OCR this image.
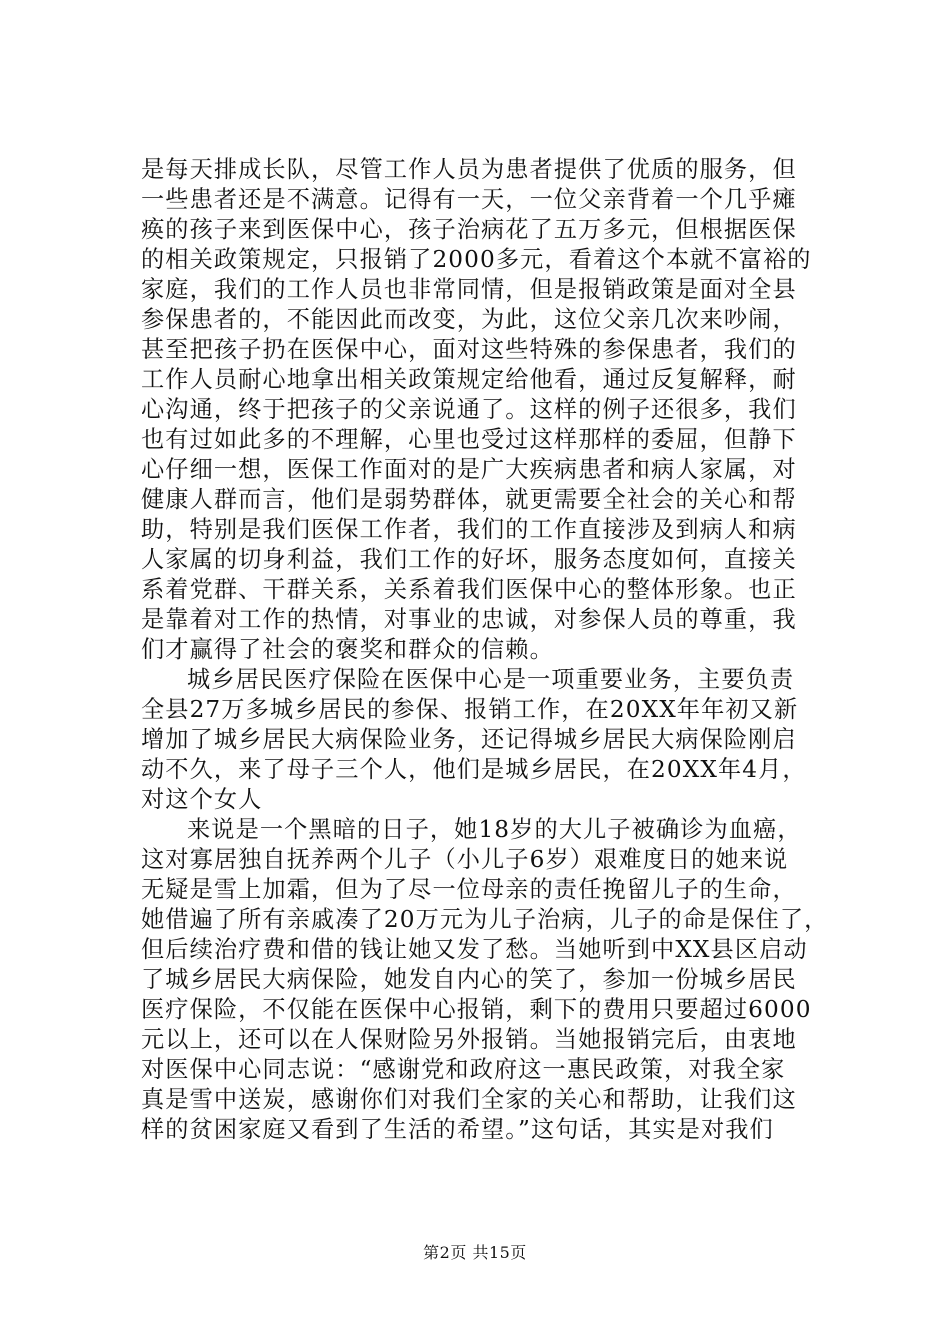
是每天排成长队，尽管工作人员为患者提供了优质的服务，但
一些患者还是不满意。记得有一天，一位父亲背着一个几乎瘫
痪的孩子来到医保中心，孩子治病花了五万多元，但根据医保
的相关政策规定，只报销了2000多元，看着这个本就不富裕的
家庭，我们的工作人员也非常同情，但是报销政策是面对全县
参保患者的，不能因此而改变，为此，这位父亲几次来吵闹，
甚至把孩子扔在医保中心，面对这些特殊的参保患者，我们的
工作人员耐心地拿出相关政策规定给他看，通过反复解释，耐
心沟通，终于把孩子的父亲说通了。这样的例子还很多，我们
也有过如此多的不理解，心里也受过这样那样的委屈，但静下
心仔细一想，医保工作面对的是广大疾病患者和病人家属，对
健康人群而言，他们是弱势群体，就更需要全社会的关心和帮
助，特别是我们医保工作者，我们的工作直接涉及到病人和病
人家属的切身利益，我们工作的好坏，服务态度如何，直接关
系着党群、干群关系，关系着我们医保中心的整体形象。也正
是靠着对工作的热情，对事业的忠诚，对参保人员的尊重，我
们才赢得了社会的褒奖和群众的信赖。
城乡居民医疗保险在医保中心是一项重要业务，主要负责
全县27万多城乡居民的参保、报销工作，在20XX年年初又新
增加了城乡居民大病保险业务，还记得城乡居民大病保险刚启
动不久，来了母子三个人，他们是城乡居民，在20XX年4月，
对这个女人
来说是一个黑暗的日子，她18岁的大儿子被确诊为血癌，
这对寡居独自抚养两个儿子（小儿子6岁）艰难度日的她来说
无疑是雪上加霜，但为了尽一位母亲的责任挽留儿子的生命，
她借遍了所有亲戚凑了20万元为儿子治病，儿子的命是保住了，
但后续治疗费和借的钱让她又发了愁。当她听到中XX县区启动
了城乡居民大病保险，她发自内心的笑了，参加一份城乡居民
医疗保险，不仅能在医保中心报销，剩下的费用只要超过6000
元以上，还可以在人保财险另外报销。当她报销完后，由衷地
对医保中心同志说：“感谢党和政府这一惠民政策，对我全家
真是雪中送炭，感谢你们对我们全家的关心和帮助，让我们这
样的贫困家庭又看到了生活的希望。”这句话，其实是对我们
第2页 共15页
